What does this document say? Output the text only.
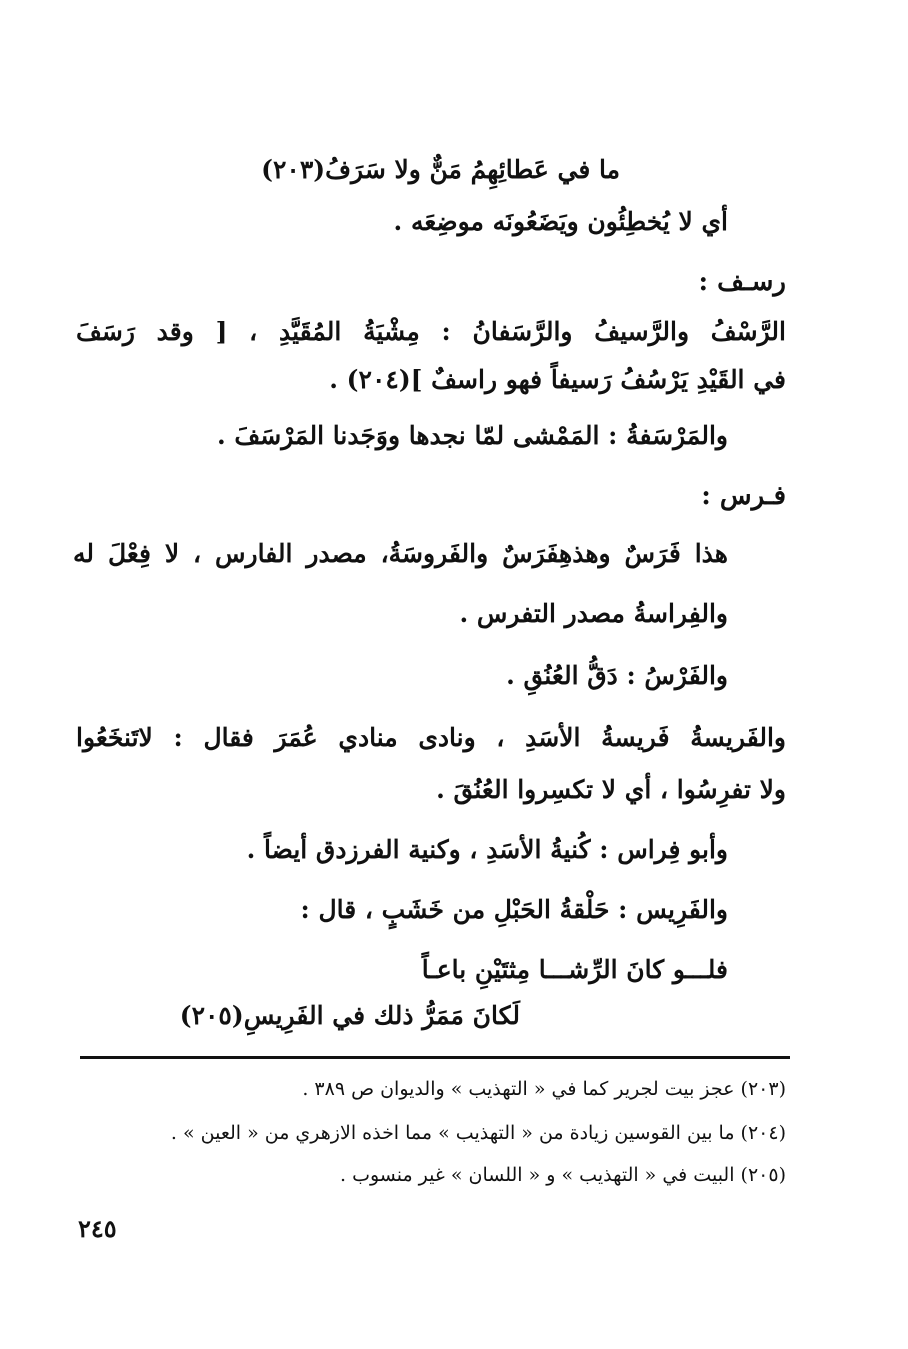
ما في عَطائِهِمُ مَنٌّ ولا سَرَفُ(٢٠٣)
أي لا يُخطِئُون ويَضَعُونَه موضِعَه .
رسـف :
الرَّسْفُ والرَّسيفُ والرَّسَفانُ : مِشْيَةُ المُقَيَّدِ ، [ وقد رَسَفَ
في القَيْدِ يَرْسُفُ رَسيفاً فهو راسفٌ ](٢٠٤) .
والمَرْسَفةُ : المَمْشى لمّا نجدها ووَجَدنا المَرْسَفَ .
فـرس :
هذا فَرَسٌ وهذهِفَرَسٌ والفَروسَةُ، مصدر الفارس ، لا فِعْلَ له
والفِراسةُ مصدر التفرس .
والفَرْسُ : دَقُّ العُنُقِ .
والفَريسةُ فَريسةُ الأسَدِ ، ونادى منادي عُمَرَ فقال : لاتَنخَعُوا
ولا تفرِسُوا ، أي لا تكسِروا العُنُقَ .
وأبو فِراس : كُنيةُ الأسَدِ ، وكنية الفرزدق أيضاً .
والفَرِيس : حَلْقةُ الحَبْلِ من خَشَبٍ ، قال :
فلـــو كانَ الرِّشـــا مِثتَيْنِ باعـاً
لَكانَ مَمَرُّ ذلك في الفَرِيسِ(٢٠٥)
(٢٠٣) عجز بيت لجرير كما في « التهذيب » والديوان ص ٣٨٩ .
(٢٠٤) ما بين القوسين زيادة من « التهذيب » مما اخذه الازهري من « العين » .
(٢٠٥) البيت في « التهذيب » و « اللسان » غير منسوب .
٢٤٥
